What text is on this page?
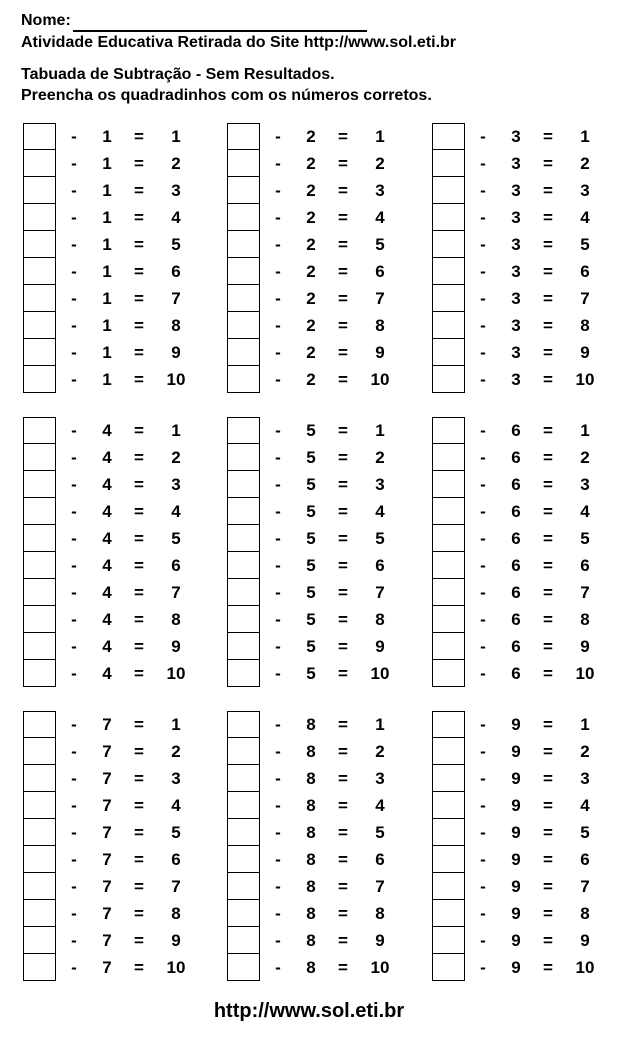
Nome:
Atividade Educativa Retirada do Site http://www.sol.eti.br
Tabuada de Subtração - Sem Resultados.
Preencha os quadradinhos com os números corretos.
-	1	=	1
-	1	=	2
-	1	=	3
-	1	=	4
-	1	=	5
-	1	=	6
-	1	=	7
-	1	=	8
-	1	=	9
-	1	=	10
-	2	=	1
-	2	=	2
-	2	=	3
-	2	=	4
-	2	=	5
-	2	=	6
-	2	=	7
-	2	=	8
-	2	=	9
-	2	=	10
-	3	=	1
-	3	=	2
-	3	=	3
-	3	=	4
-	3	=	5
-	3	=	6
-	3	=	7
-	3	=	8
-	3	=	9
-	3	=	10
-	4	=	1
-	4	=	2
-	4	=	3
-	4	=	4
-	4	=	5
-	4	=	6
-	4	=	7
-	4	=	8
-	4	=	9
-	4	=	10
-	5	=	1
-	5	=	2
-	5	=	3
-	5	=	4
-	5	=	5
-	5	=	6
-	5	=	7
-	5	=	8
-	5	=	9
-	5	=	10
-	6	=	1
-	6	=	2
-	6	=	3
-	6	=	4
-	6	=	5
-	6	=	6
-	6	=	7
-	6	=	8
-	6	=	9
-	6	=	10
-	7	=	1
-	7	=	2
-	7	=	3
-	7	=	4
-	7	=	5
-	7	=	6
-	7	=	7
-	7	=	8
-	7	=	9
-	7	=	10
-	8	=	1
-	8	=	2
-	8	=	3
-	8	=	4
-	8	=	5
-	8	=	6
-	8	=	7
-	8	=	8
-	8	=	9
-	8	=	10
-	9	=	1
-	9	=	2
-	9	=	3
-	9	=	4
-	9	=	5
-	9	=	6
-	9	=	7
-	9	=	8
-	9	=	9
-	9	=	10
http://www.sol.eti.br
